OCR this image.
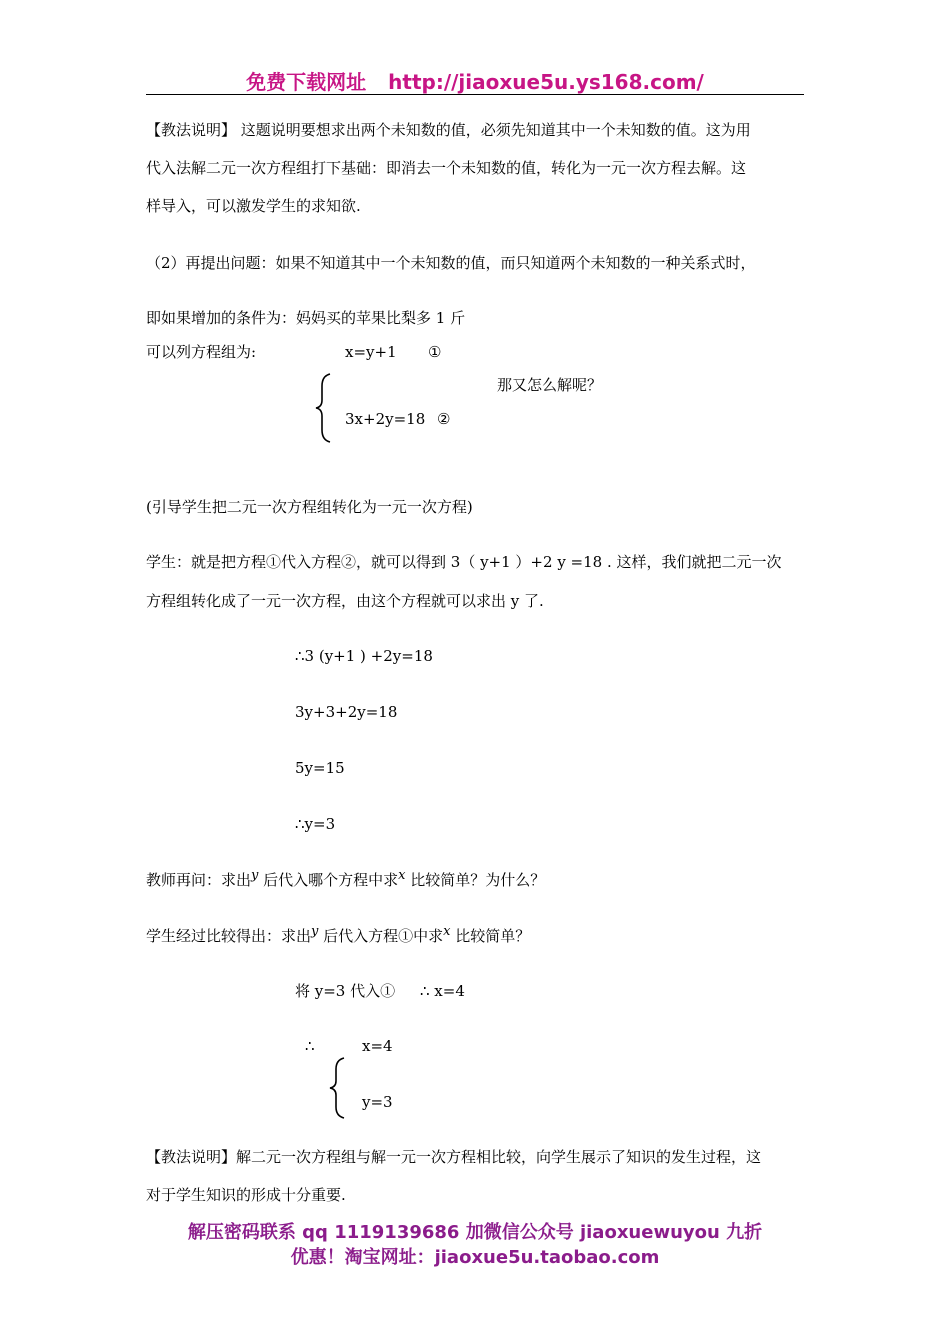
免费下载网址 http://jiaoxue5u.ys168.com/
【教法说明】 这题说明要想求出两个未知数的值，必须先知道其中一个未知数的值。这为用
代入法解二元一次方程组打下基础：即消去一个未知数的值，转化为一元一次方程去解。这
样导入，可以激发学生的求知欲.
（2）再提出问题：如果不知道其中一个未知数的值，而只知道两个未知数的一种关系式时，
即如果增加的条件为：妈妈买的苹果比梨多 1 斤
可以列方程组为:	x=y+1 ①
那又怎么解呢？
3x+2y=18 ②
(引导学生把二元一次方程组转化为一元一次方程)
学生：就是把方程①代入方程②，就可以得到 3（ y+1 ）+2 y =18 . 这样，我们就把二元一次
方程组转化成了一元一次方程，由这个方程就可以求出 y 了.
∴3 (y+1 ) +2y=18
3y+3+2y=18
5y=15
∴y=3
教师再问：求出y 后代入哪个方程中求x 比较简单？为什么？
学生经过比较得出：求出y 后代入方程①中求x 比较简单？
将 y=3 代入① ∴ x=4
∴	x=4
y=3
【教法说明】解二元一次方程组与解一元一次方程相比较，向学生展示了知识的发生过程，这
对于学生知识的形成十分重要.
解压密码联系 qq 1119139686 加微信公众号 jiaoxuewuyou 九折
优惠！淘宝网址：jiaoxue5u.taobao.com
